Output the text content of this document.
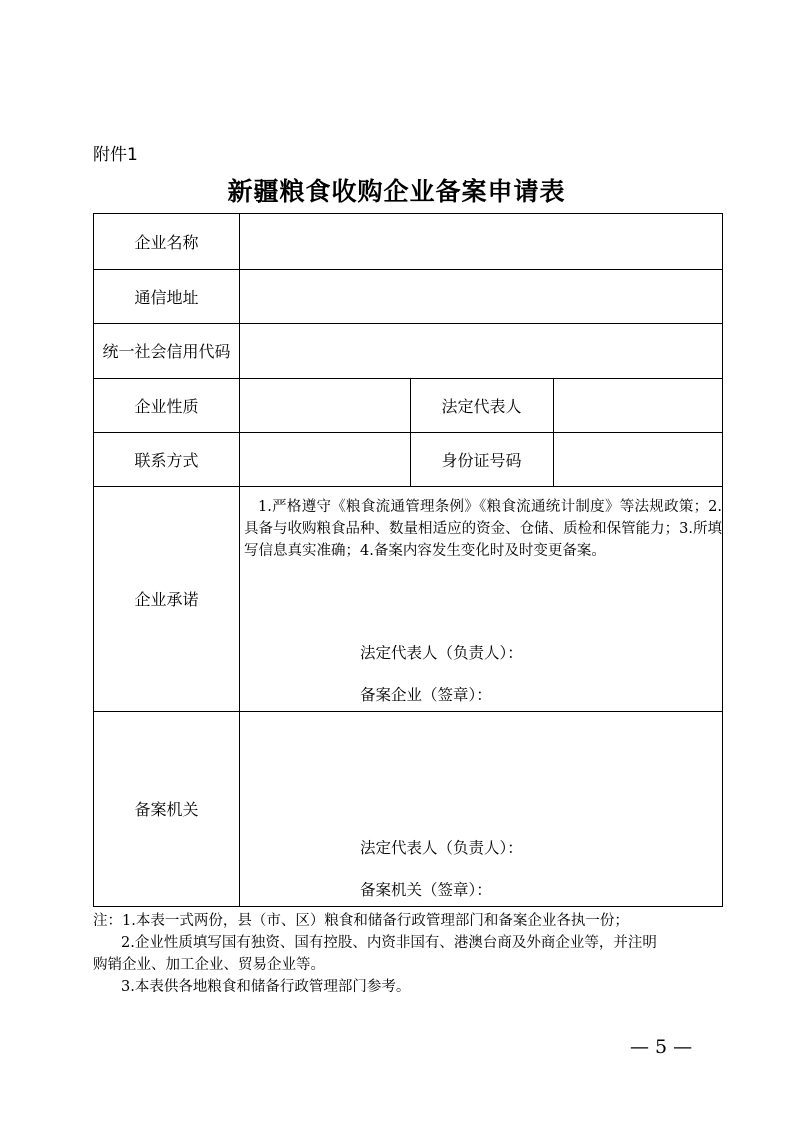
附件1
新疆粮食收购企业备案申请表
企业名称
通信地址
统一社会信用代码
企业性质	法定代表人
联系方式	身份证号码
企业承诺
备案机关
1.严格遵守《粮食流通管理条例》《粮食流通统计制度》等法规政策；2.具备与收购粮食品种、数量相适应的资金、仓储、质检和保管能力；3.所填写信息真实准确；4.备案内容发生变化时及时变更备案。
法定代表人（负责人）：
备案企业（签章）：
法定代表人（负责人）：
备案机关（签章）：
注：1.本表一式两份，县（市、区）粮食和储备行政管理部门和备案企业各执一份；
2.企业性质填写国有独资、国有控股、内资非国有、港澳台商及外商企业等，并注明
购销企业、加工企业、贸易企业等。
3.本表供各地粮食和储备行政管理部门参考。
— 5 —
